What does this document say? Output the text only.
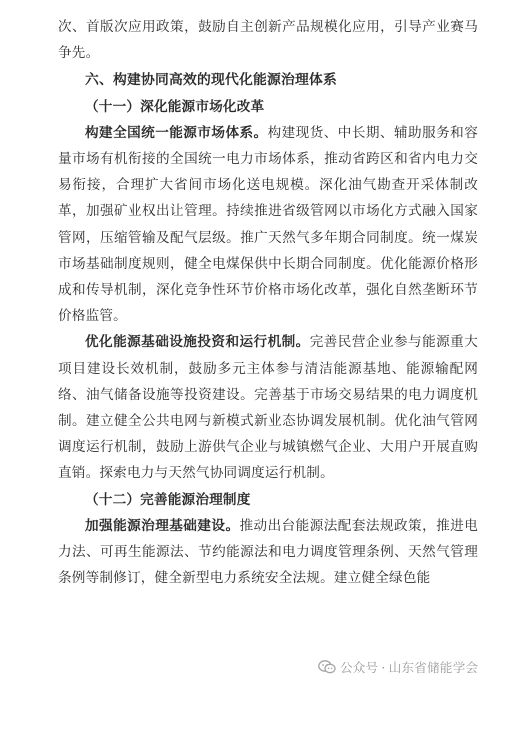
次、首版次应用政策，鼓励自主创新产品规模化应用，引导产业赛马争先。

六、构建协同高效的现代化能源治理体系

（十一）深化能源市场化改革

构建全国统一能源市场体系。构建现货、中长期、辅助服务和容量市场有机衔接的全国统一电力市场体系，推动省跨区和省内电力交易衔接，合理扩大省间市场化送电规模。深化油气勘查开采体制改革，加强矿业权出让管理。持续推进省级管网以市场化方式融入国家管网，压缩管输及配气层级。推广天然气多年期合同制度。统一煤炭市场基础制度规则，健全电煤保供中长期合同制度。优化能源价格形成和传导机制，深化竞争性环节价格市场化改革，强化自然垄断环节价格监管。

优化能源基础设施投资和运行机制。完善民营企业参与能源重大项目建设长效机制，鼓励多元主体参与清洁能源基地、能源输配网络、油气储备设施等投资建设。完善基于市场交易结果的电力调度机制。建立健全公共电网与新模式新业态协调发展机制。优化油气管网调度运行机制，鼓励上游供气企业与城镇燃气企业、大用户开展直购直销。探索电力与天然气协同调度运行机制。

（十二）完善能源治理制度

加强能源治理基础建设。推动出台能源法配套法规政策，推进电力法、可再生能源法、节约能源法和电力调度管理条例、天然气管理条例等制修订，健全新型电力系统安全法规。建立健全绿色能

公众号 · 山东省储能学会
